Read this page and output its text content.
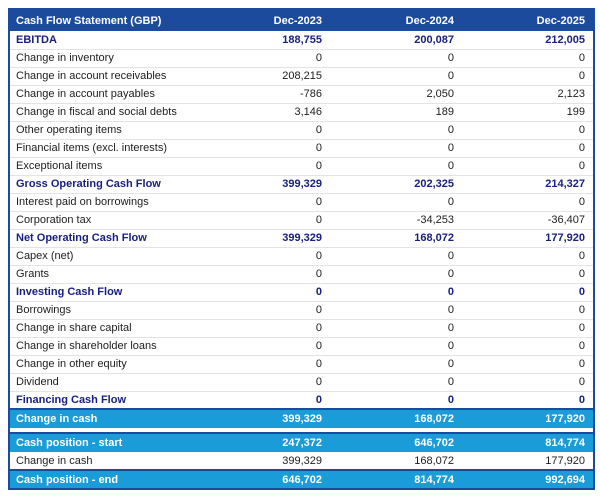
Cash Flow Statement (GBP)	Dec-2023	Dec-2024	Dec-2025
EBITDA	188,755	200,087	212,005
Change in inventory	0	0	0
Change in account receivables	208,215	0	0
Change in account payables	-786	2,050	2,123
Change in fiscal and social debts	3,146	189	199
Other operating items	0	0	0
Financial items (excl. interests)	0	0	0
Exceptional items	0	0	0
Gross Operating Cash Flow	399,329	202,325	214,327
Interest paid on borrowings	0	0	0
Corporation tax	0	-34,253	-36,407
Net Operating Cash Flow	399,329	168,072	177,920
Capex (net)	0	0	0
Grants	0	0	0
Investing Cash Flow	0	0	0
Borrowings	0	0	0
Change in share capital	0	0	0
Change in shareholder loans	0	0	0
Change in other equity	0	0	0
Dividend	0	0	0
Financing Cash Flow	0	0	0
Change in cash	399,329	168,072	177,920

Cash position - start	247,372	646,702	814,774
Change in cash	399,329	168,072	177,920
Cash position - end	646,702	814,774	992,694
